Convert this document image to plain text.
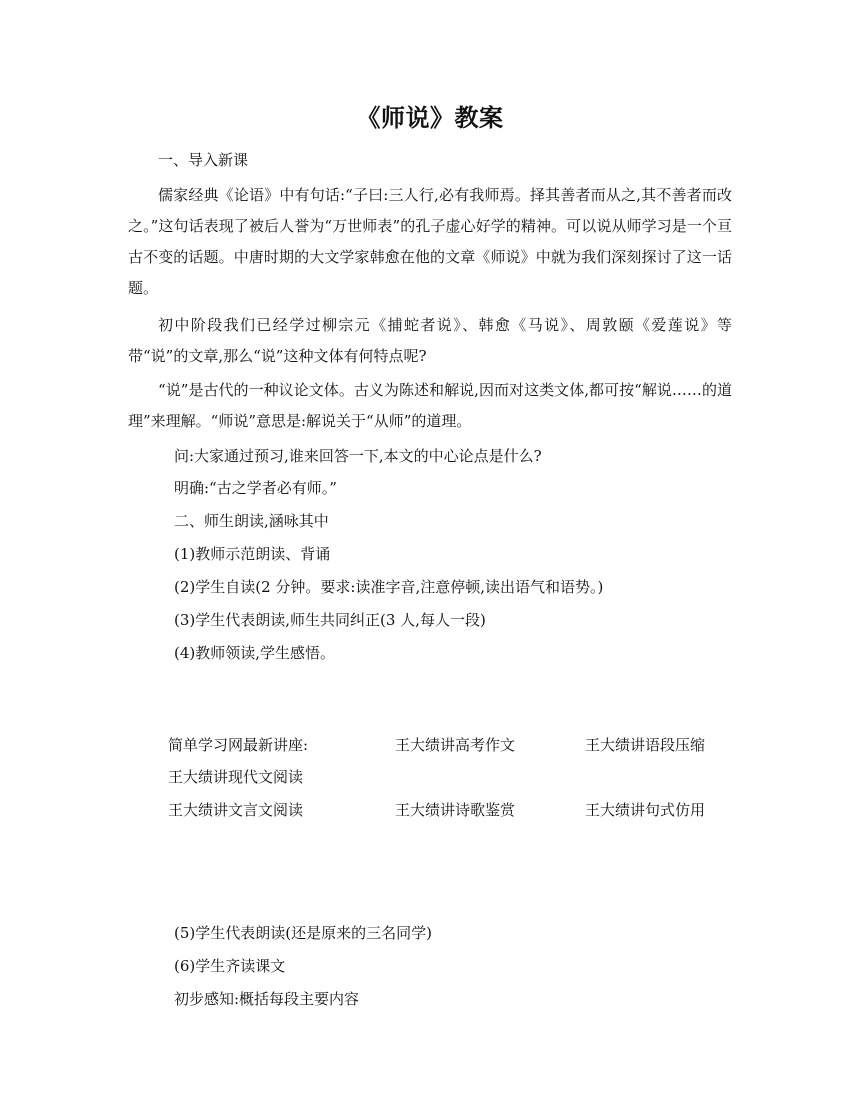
《师说》教案
一、导入新课

儒家经典《论语》中有句话:“子曰:三人行,必有我师焉。择其善者而从之,其不善者而改之。”这句话表现了被后人誉为“万世师表”的孔子虚心好学的精神。可以说从师学习是一个亘古不变的话题。中唐时期的大文学家韩愈在他的文章《师说》中就为我们深刻探讨了这一话题。

初中阶段我们已经学过柳宗元《捕蛇者说》、韩愈《马说》、周敦颐《爱莲说》等带“说”的文章,那么“说”这种文体有何特点呢?

“说”是古代的一种议论文体。古义为陈述和解说,因而对这类文体,都可按“解说……的道理”来理解。“师说”意思是:解说关于“从师”的道理。

问:大家通过预习,谁来回答一下,本文的中心论点是什么?
明确:“古之学者必有师。”
二、师生朗读,涵咏其中
(1)教师示范朗读、背诵
(2)学生自读(2 分钟。要求:读准字音,注意停顿,读出语气和语势。)
(3)学生代表朗读,师生共同纠正(3 人,每人一段)
(4)教师领读,学生感悟。
简单学习网最新讲座:	王大绩讲高考作文	王大绩讲语段压缩
王大绩讲现代文阅读
王大绩讲文言文阅读	王大绩讲诗歌鉴赏	王大绩讲句式仿用
(5)学生代表朗读(还是原来的三名同学)
(6)学生齐读课文
初步感知:概括每段主要内容
